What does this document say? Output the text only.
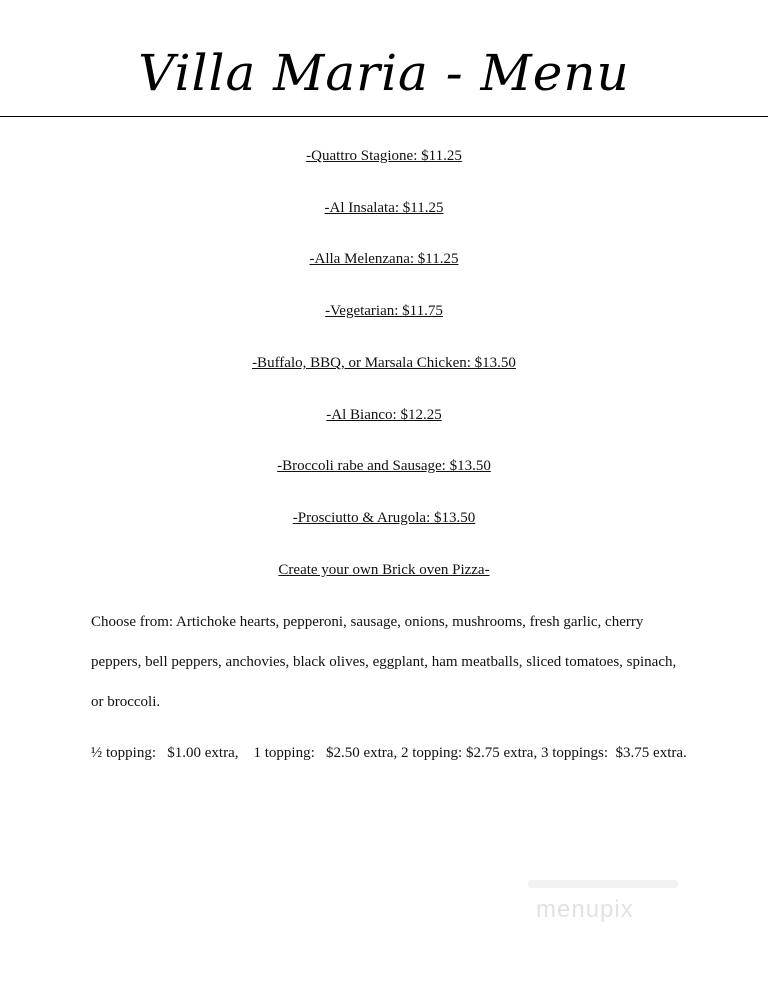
Villa Maria - Menu
-Quattro Stagione: $11.25
-Al Insalata: $11.25
-Alla Melenzana: $11.25
-Vegetarian: $11.75
-Buffalo, BBQ, or Marsala Chicken: $13.50
-Al Bianco: $12.25
-Broccoli rabe and Sausage: $13.50
-Prosciutto & Arugola: $13.50
Create your own Brick oven Pizza-
Choose from: Artichoke hearts, pepperoni, sausage, onions, mushrooms, fresh garlic, cherry
peppers, bell peppers, anchovies, black olives, eggplant, ham meatballs, sliced tomatoes, spinach,
or broccoli.
½ topping:   $1.00 extra,    1 topping:   $2.50 extra, 2 topping: $2.75 extra, 3 toppings:  $3.75 extra.
menupix
